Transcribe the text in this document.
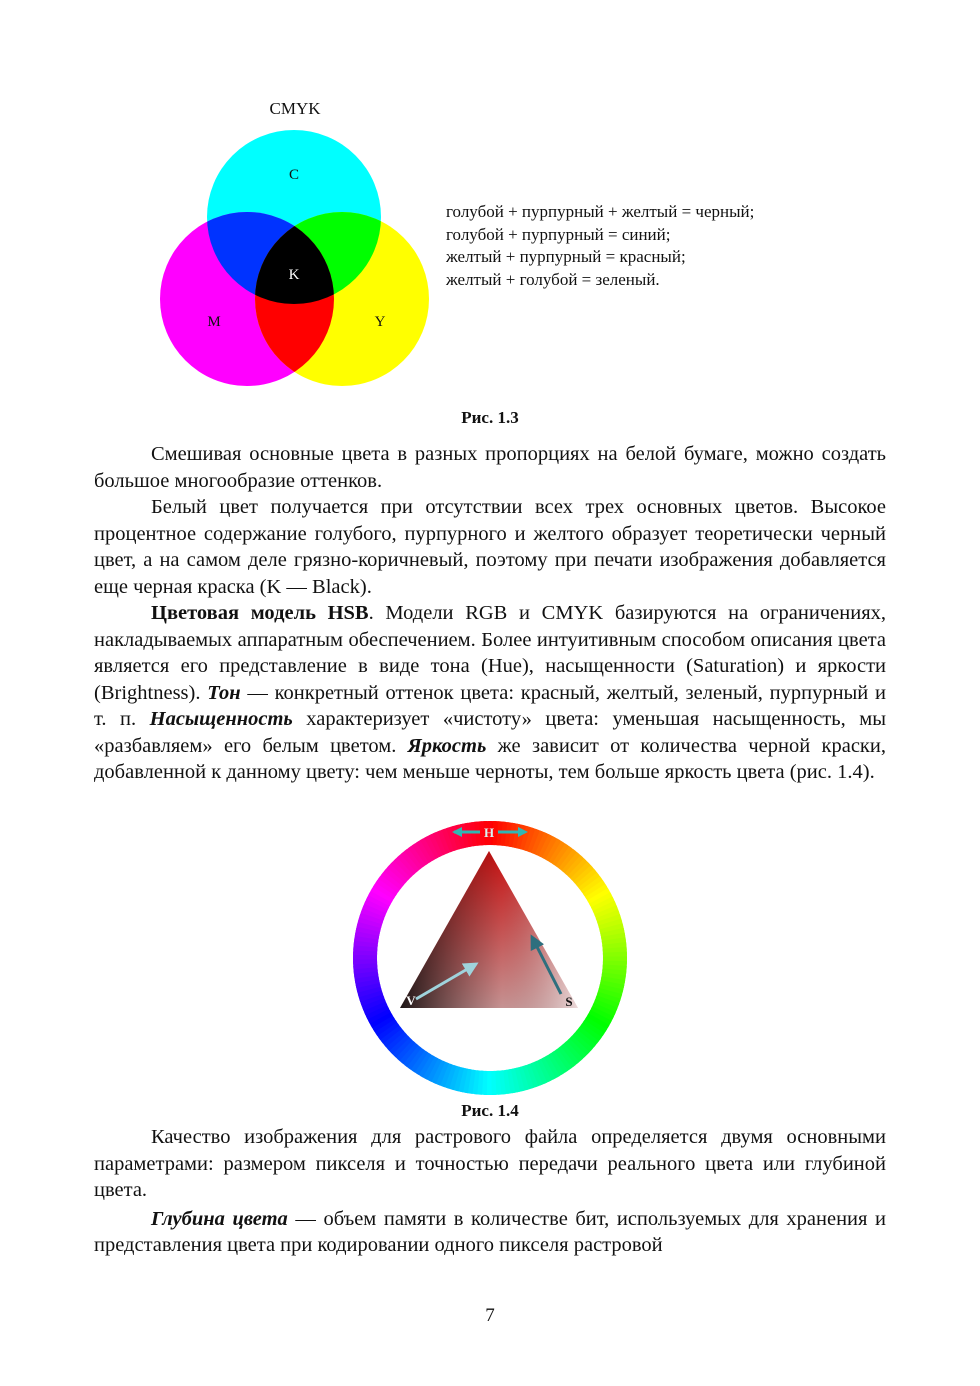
CMYK
C
K
M	Y
голубой + пурпурный + желтый = черный;
голубой + пурпурный = синий;
желтый + пурпурный = красный;
желтый + голубой = зеленый.
Рис. 1.3

Смешивая основные цвета в разных пропорциях на белой бумаге, можно создать большое многообразие оттенков.

Белый цвет получается при отсутствии всех трех основных цветов. Высокое процентное содержание голубого, пурпурного и желтого образует теоретически черный цвет, а на самом деле грязно-коричневый, поэтому при печати изображения добавляется еще черная краска (K — Black).

Цветовая модель HSB. Модели RGB и CMYK базируются на ограничениях, накладываемых аппаратным обеспечением. Более интуитивным способом описания цвета является его представление в виде тона (Hue), насыщенности (Saturation) и яркости (Brightness). Тон — конкретный оттенок цвета: красный, желтый, зеленый, пурпурный и т. п. Насыщенность характеризует «чистоту» цвета: уменьшая насыщенность, мы «разбавляем» его белым цветом. Яркость же зависит от количества черной краски, добавленной к данному цвету: чем меньше черноты, тем больше яркость цвета (рис. 1.4).

H
V	S
Рис. 1.4

Качество изображения для растрового файла определяется двумя основными параметрами: размером пикселя и точностью передачи реального цвета или глубиной цвета.

Глубина цвета — объем памяти в количестве бит, используемых для хранения и представления цвета при кодировании одного пикселя растровой

7
